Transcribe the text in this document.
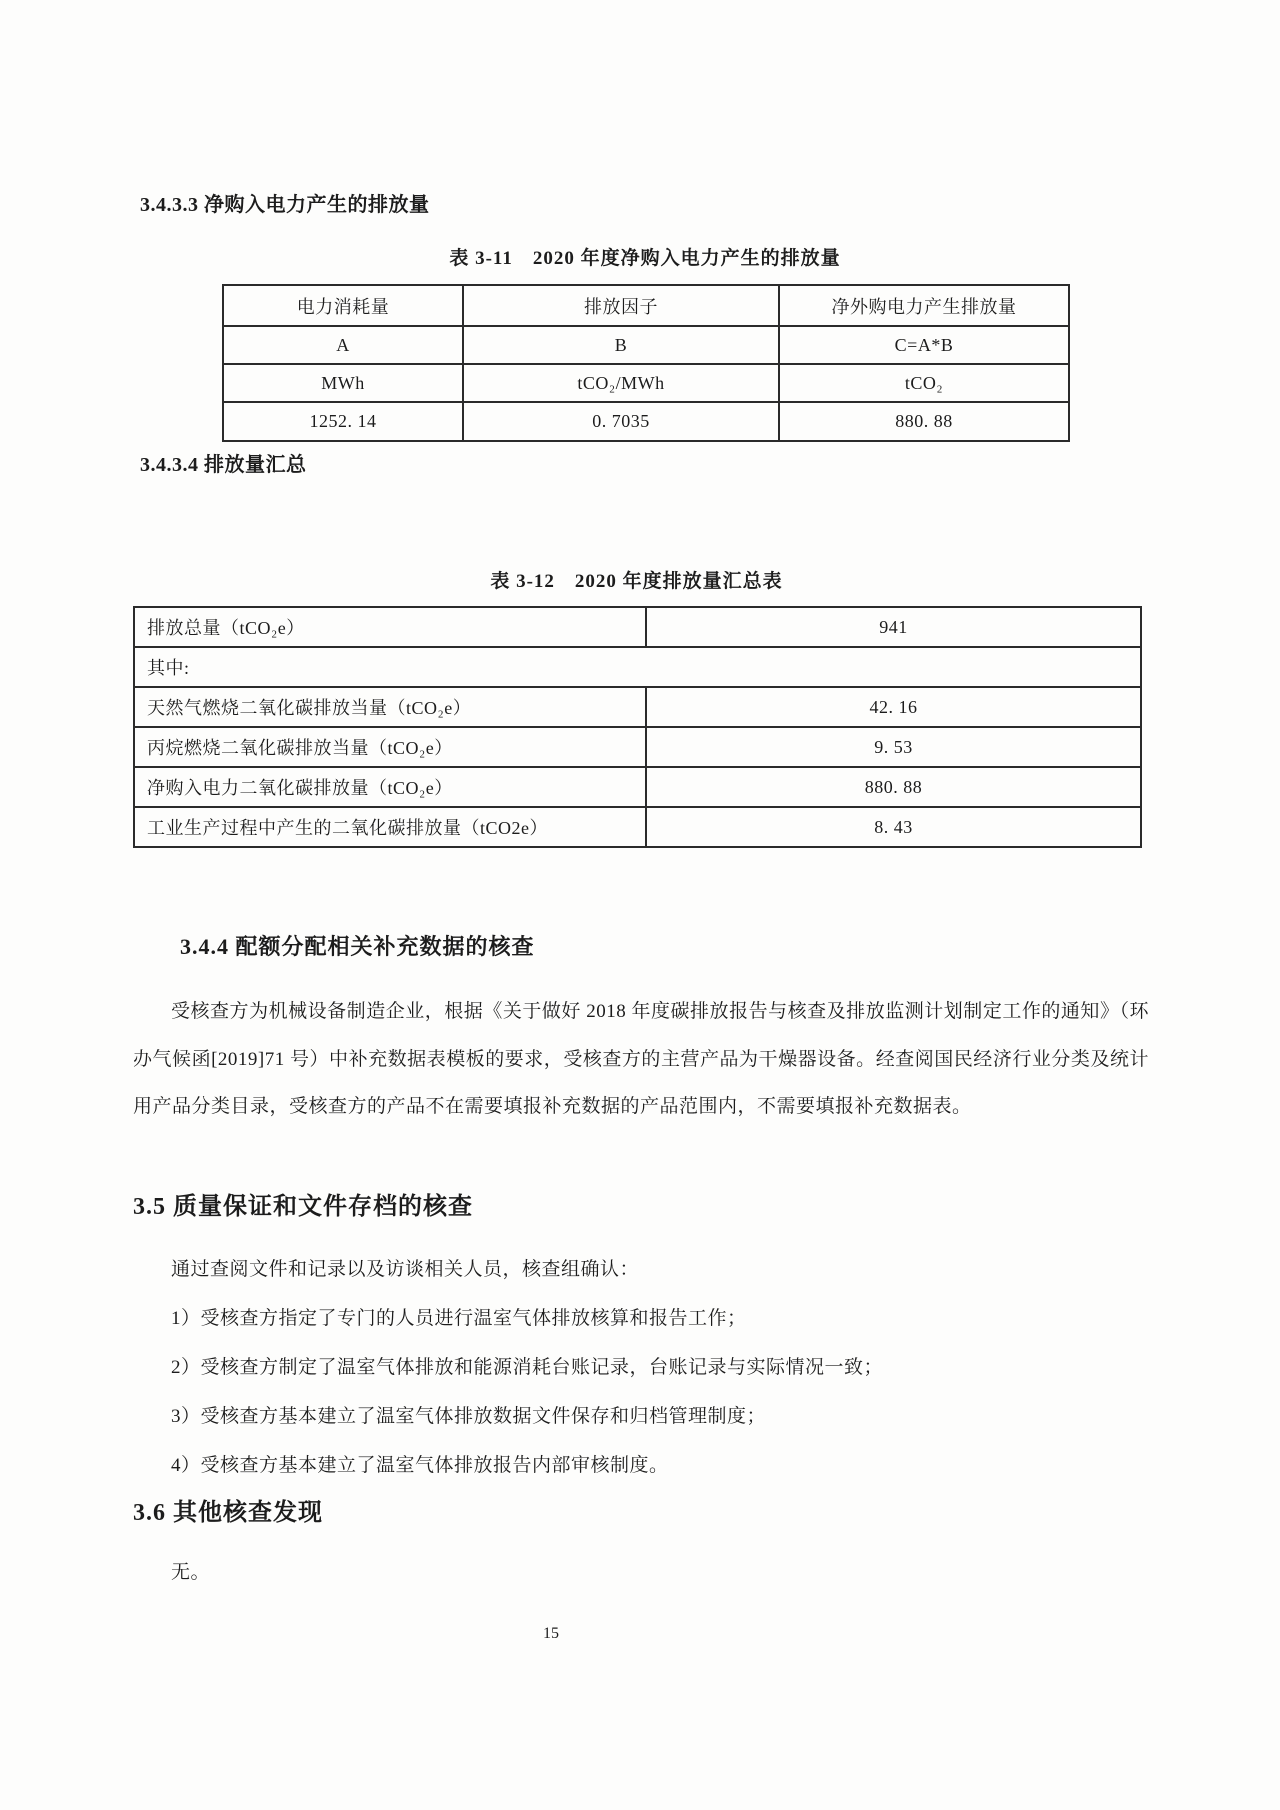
3.4.3.3 净购入电力产生的排放量
表 3-11　2020 年度净购入电力产生的排放量
电力消耗量	排放因子	净外购电力产生排放量
A	B	C=A*B
MWh	tCO₂/MWh	tCO₂
1252. 14	0. 7035	880. 88
3.4.3.4 排放量汇总
表 3-12　2020 年度排放量汇总表
排放总量（tCO₂e）	941
其中:	
天然气燃烧二氧化碳排放当量（tCO₂e）	42. 16
丙烷燃烧二氧化碳排放当量（tCO₂e）	9. 53
净购入电力二氧化碳排放量（tCO₂e）	880. 88
工业生产过程中产生的二氧化碳排放量（tCO2e）	8. 43
3.4.4 配额分配相关补充数据的核查
受核查方为机械设备制造企业，根据《关于做好 2018 年度碳排放报告与核查及排放监测计划制定工作的通知》（环办气候函[2019]71 号）中补充数据表模板的要求，受核查方的主营产品为干燥器设备。经查阅国民经济行业分类及统计用产品分类目录，受核查方的产品不在需要填报补充数据的产品范围内，不需要填报补充数据表。
3.5 质量保证和文件存档的核查
通过查阅文件和记录以及访谈相关人员，核查组确认：
1）受核查方指定了专门的人员进行温室气体排放核算和报告工作；
2）受核查方制定了温室气体排放和能源消耗台账记录，台账记录与实际情况一致；
3）受核查方基本建立了温室气体排放数据文件保存和归档管理制度；
4）受核查方基本建立了温室气体排放报告内部审核制度。
3.6 其他核查发现
无。
15
